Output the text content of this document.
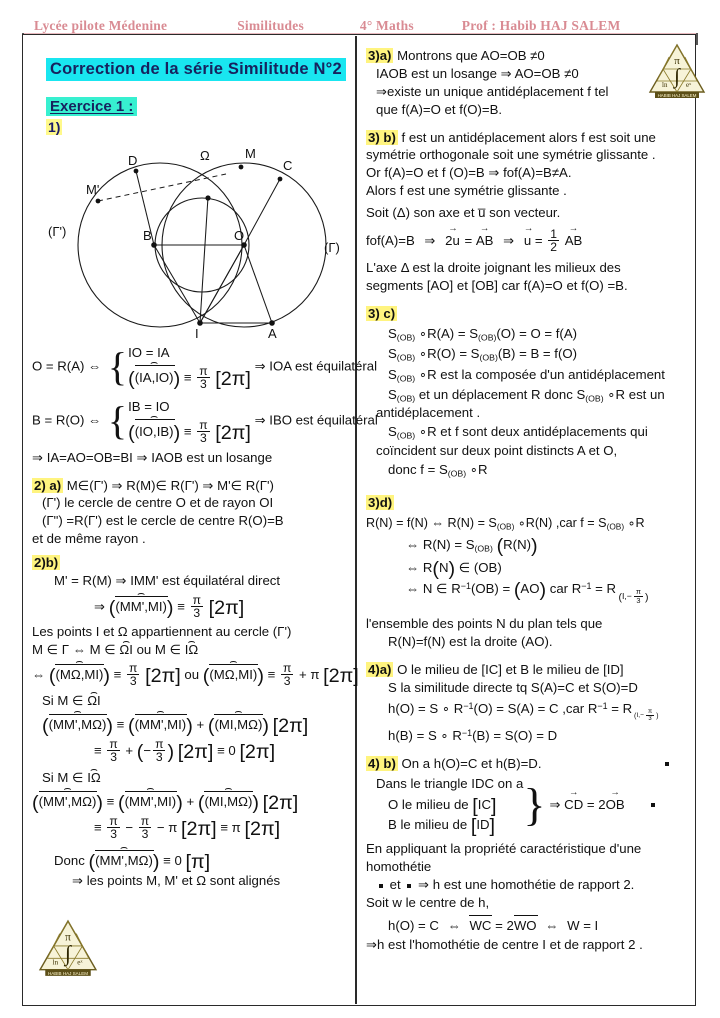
Lycée pilote Médenine	Similitudes	4° Maths	Prof : Habib HAJ SALEM
Correction de la série Similitude N°2
Exercice 1 :
1)
D	Ω	M
C
M'
B	O
I	A
(Γ')
(Γ)
O = R(A) ⇔ { IO = IA
((IA,IO) ⌢) ≡ $\frac{\pi}{3} [2\pi]$
⇒ IOA est équilatéral
B = R(O) ⇔ { IB = IO
((IO,IB) ⌢) ≡ $\frac{\pi}{3} [2\pi]$
⇒ IBO est équilatéral
⇒ IA=AO=OB=BI ⇒ IAOB est un losange
2) a) M∈(Γ') ⇒ R(M)∈ R(Γ') ⇒ M'∈ R(Γ')
(Γ') le cercle de centre O et de rayon OI
(Γ") =R(Γ') est le cercle de centre R(O)=B
et de même rayon .
2)b)
M' = R(M) ⇒ IMM' est équilatéral direct
⇒ ((MM',MI) ⌢) ≡ $\frac{\pi}{3} [2\pi]$
Les points I et Ω appartiennent au cercle (Γ')
M ∈ Γ ⇔ M ∈ ΩI ⌢ ou M ∈ IΩ ⌢
⇔ ((MΩ,MI) ⌢) ≡ $\frac{\pi}{3} [2\pi]$ ou ((MΩ,MI) ⌢) ≡ $\frac{\pi}{3} + \pi$ [2π]
Si M ∈ ΩI ⌢
((MM',MΩ) ⌢) ≡ ((MM',MI) ⌢) + ((MI,MΩ) ⌢) [2π]
≡ $\frac{\pi}{3}$ + (− $\frac{\pi}{3}$ ) [2π] ≡ 0 [2π]
Si M ∈ IΩ ⌢
((MM',MΩ) ⌢) ≡ ((MM',MI) ⌢) + ((MI,MΩ) ⌢) [2π]
≡ $\frac{\pi}{3} - \frac{\pi}{3} - \pi$ [2π] ≡ π [2π]
Donc ((MM',MΩ) ⌢) ≡ 0 [π]
⇒ les points M, M' et Ω sont alignés
3)a) Montrons que AO=OB ≠0
IAOB est un losange ⇒ AO=OB ≠0
⇒existe un unique antidéplacement f tel
que f(A)=O et f(O)=B.
3) b) f est un antidéplacement alors f est soit une
symétrie orthogonale soit une symétrie glissante .
Or f(A)=O et f (O)=B ⇒ fof(A)=B≠A.
Alors f est une symétrie glissante .
Soit (Δ) son axe et u̅ son vecteur.
fof(A)=B ⇒ 2u → = AB → ⇒ u → = $\frac{1}{2}$ AB →
L'axe Δ est la droite joignant les milieux des
segments [AO] et [OB] car f(A)=O et f(O) =B.
3) c)
$S_{(OB)}$ ∘R(A) = $S_{(OB)}(O) = O = f(A)$
$S_{(OB)}$ ∘R(O) = $S_{(OB)}(B) = B = f(O)$
$S_{(OB)}$ ∘R est la composée d'un antidéplacement
$S_{(OB)}$ et un déplacement R donc $S_{(OB)}$ ∘R est un
antidéplacement .
$S_{(OB)}$ ∘R et f sont deux antidéplacements qui
coïncident sur deux point distincts A et O,
donc $f = S_{(OB)}$ ∘R
3)d)
R(N) = f(N) ⇔ $R(N) = S_{(OB)}$ ∘R(N) ,car $f = S_{(OB)}$ ∘R
⇔ $R(N) = S_{(OB)}$ (R(N))
⇔ R(N) ∈ (OB)
⇔ N ∈ $R^{-1}(OB) = (AO)$ car $R^{-1} = R$ $_{(I,- \frac{\pi}{3} )}$
l'ensemble des points N du plan tels que
R(N)=f(N) est la droite (AO).
4)a) O le milieu de [IC] et B le milieu de [ID]
S la similitude directe tq S(A)=C et S(O)=D
h(O) = S ∘ $R^{-1}(O) = S(A) = C$ ,car $R^{-1} = R$ $_{(I,- \frac{\pi}{3} )}$
h(B) = S ∘ $R^{-1}(B) = S(O) = D$
4) b) On a h(O)=C et h(B)=D.
Dans le triangle IDC on a
O le milieu de [IC]
B le milieu de [ID] } ⇒ CD → = 2OB →
En appliquant la propriété caractéristique d'une
homothétie
et ⇒ h est une homothétie de rapport 2.
Soit w le centre de h,
h(O) = C ⇔ WC = 2WO ⇔ W = I
⇒h est l'homothétie de centre I et de rapport 2 .
π
∫
ln	eˣ
HABIB HAJ SALEM
π
∫
ln	eˣ
HABIB HAJ SALEM
